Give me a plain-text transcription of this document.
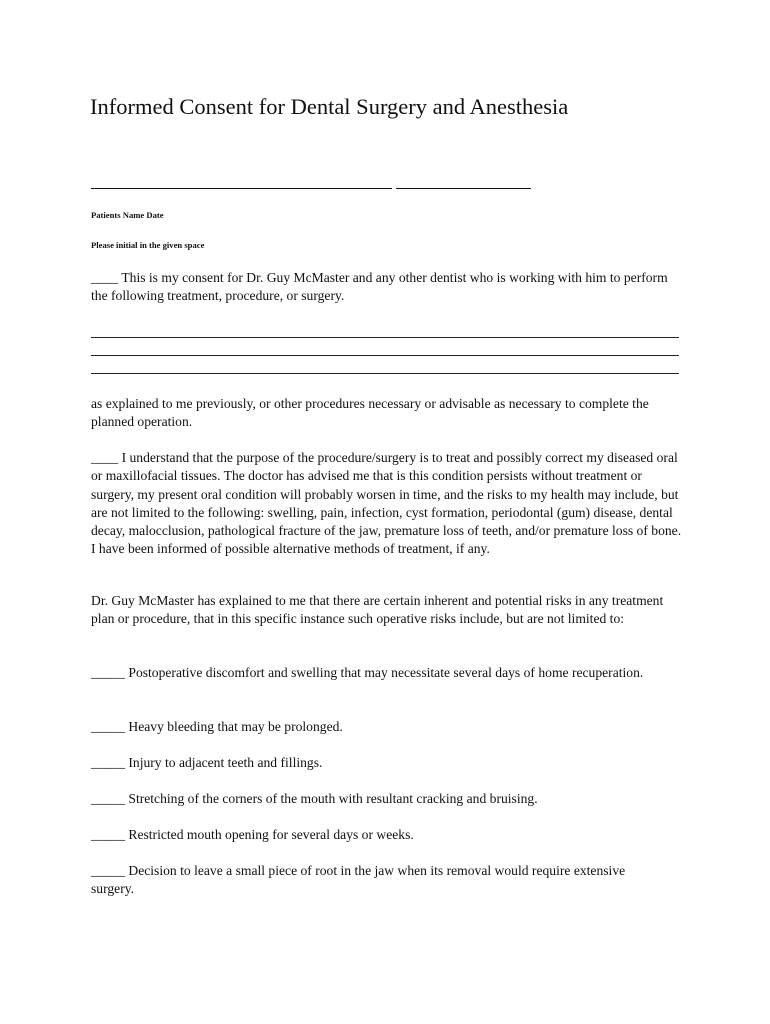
Informed Consent for Dental Surgery and Anesthesia
Patients Name Date
Please initial in the given space

____ This is my consent for Dr. Guy McMaster and any other dentist who is working with him to perform the following treatment, procedure, or surgery.

as explained to me previously, or other procedures necessary or advisable as necessary to complete the planned operation.

____ I understand that the purpose of the procedure/surgery is to treat and possibly correct my diseased oral or maxillofacial tissues. The doctor has advised me that is this condition persists without treatment or surgery, my present oral condition will probably worsen in time, and the risks to my health may include, but are not limited to the following: swelling, pain, infection, cyst formation, periodontal (gum) disease, dental decay, malocclusion, pathological fracture of the jaw, premature loss of teeth, and/or premature loss of bone. I have been informed of possible alternative methods of treatment, if any.

Dr. Guy McMaster has explained to me that there are certain inherent and potential risks in any treatment plan or procedure, that in this specific instance such operative risks include, but are not limited to:

_____ Postoperative discomfort and swelling that may necessitate several days of home recuperation.

_____ Heavy bleeding that may be prolonged.

_____ Injury to adjacent teeth and fillings.

_____ Stretching of the corners of the mouth with resultant cracking and bruising.

_____ Restricted mouth opening for several days or weeks.

_____ Decision to leave a small piece of root in the jaw when its removal would require extensive surgery.
